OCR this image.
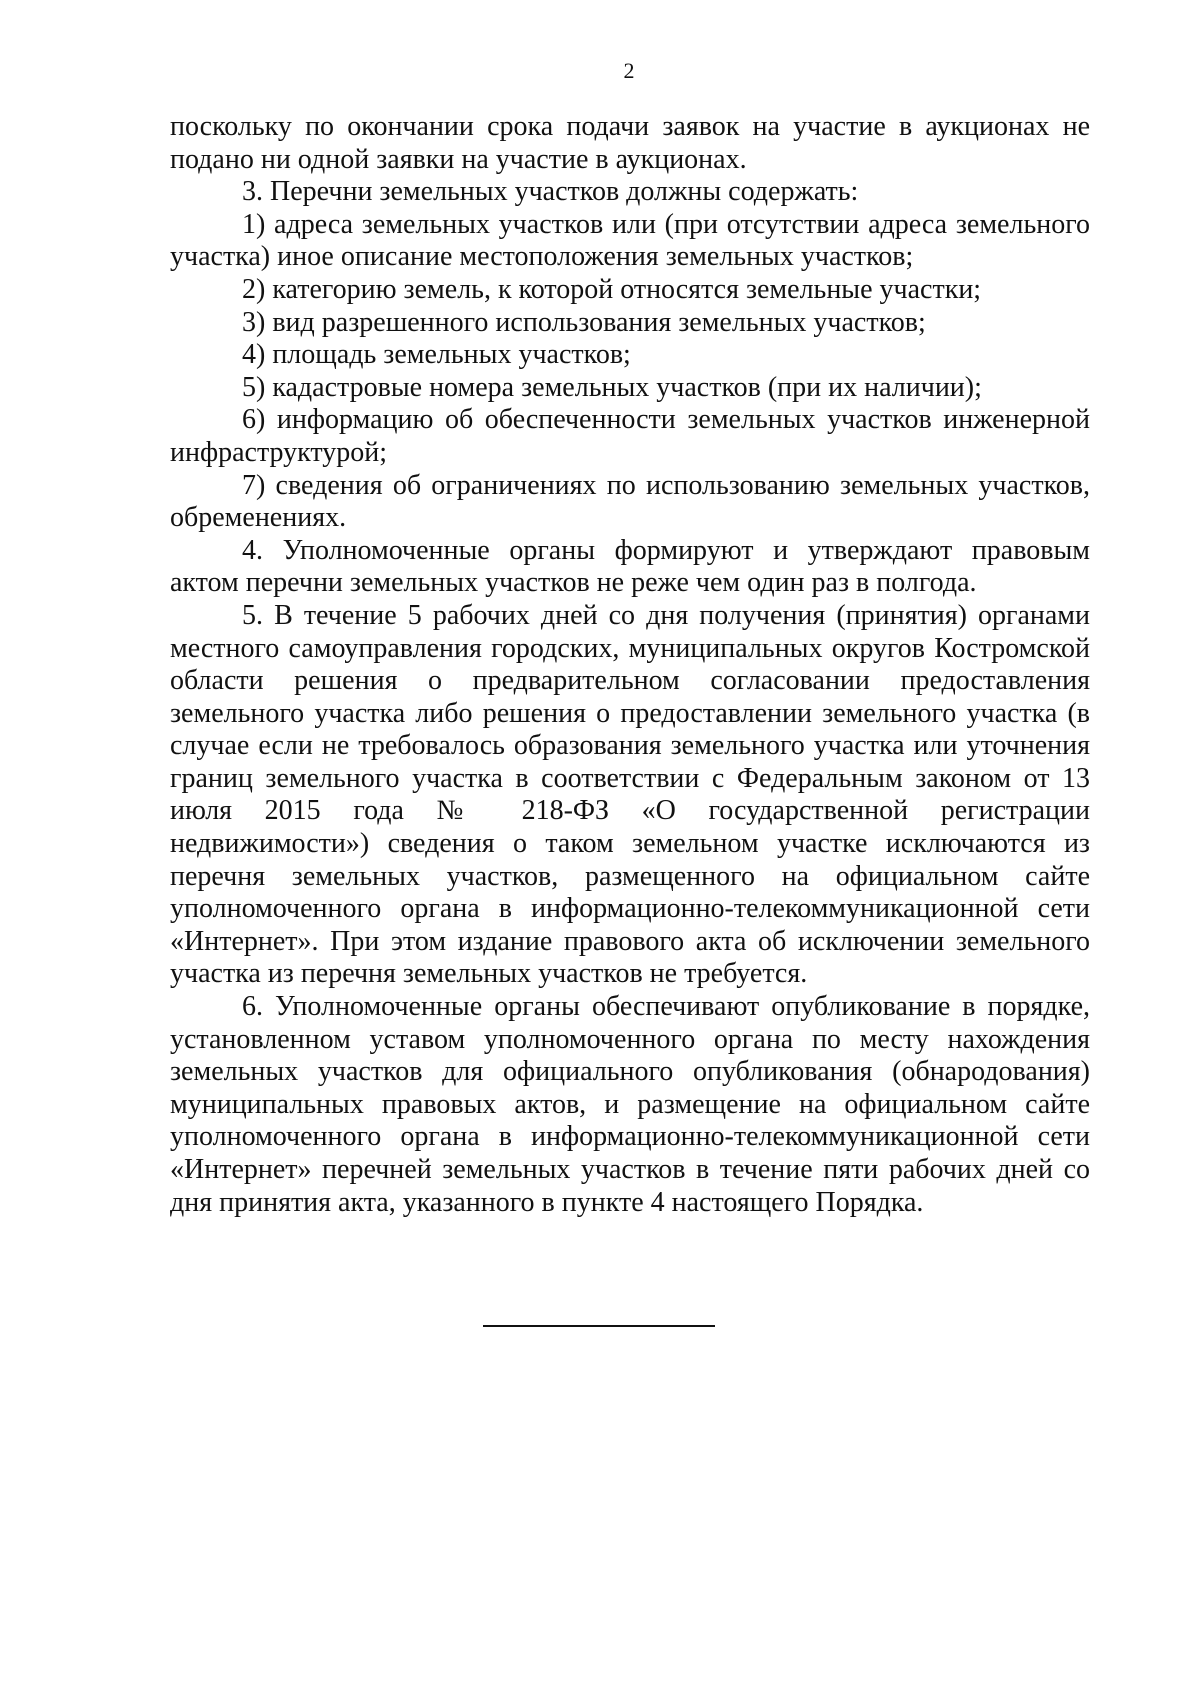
2

поскольку по окончании срока подачи заявок на участие в аукционах не подано ни одной заявки на участие в аукционах.

3. Перечни земельных участков должны содержать:

1) адреса земельных участков или (при отсутствии адреса земельного участка) иное описание местоположения земельных участков;

2) категорию земель, к которой относятся земельные участки;

3) вид разрешенного использования земельных участков;

4) площадь земельных участков;

5) кадастровые номера земельных участков (при их наличии);

6) информацию об обеспеченности земельных участков инженерной инфраструктурой;

7) сведения об ограничениях по использованию земельных участков, обременениях.

4. Уполномоченные органы формируют и утверждают правовым актом перечни земельных участков не реже чем один раз в полгода.

5. В течение 5 рабочих дней со дня получения (принятия) органами местного самоуправления городских, муниципальных округов Костромской области решения о предварительном согласовании предоставления земельного участка либо решения о предоставлении земельного участка (в случае если не требовалось образования земельного участка или уточнения границ земельного участка в соответствии с Федеральным законом от 13 июля 2015 года № 218-ФЗ «О государственной регистрации недвижимости») сведения о таком земельном участке исключаются из перечня земельных участков, размещенного на официальном сайте уполномоченного органа в информационно-телекоммуникационной сети «Интернет». При этом издание правового акта об исключении земельного участка из перечня земельных участков не требуется.

6. Уполномоченные органы обеспечивают опубликование в порядке, установленном уставом уполномоченного органа по месту нахождения земельных участков для официального опубликования (обнародования) муниципальных правовых актов, и размещение на официальном сайте уполномоченного органа в информационно-телекоммуникационной сети «Интернет» перечней земельных участков в течение пяти рабочих дней со дня принятия акта, указанного в пункте 4 настоящего Порядка.
